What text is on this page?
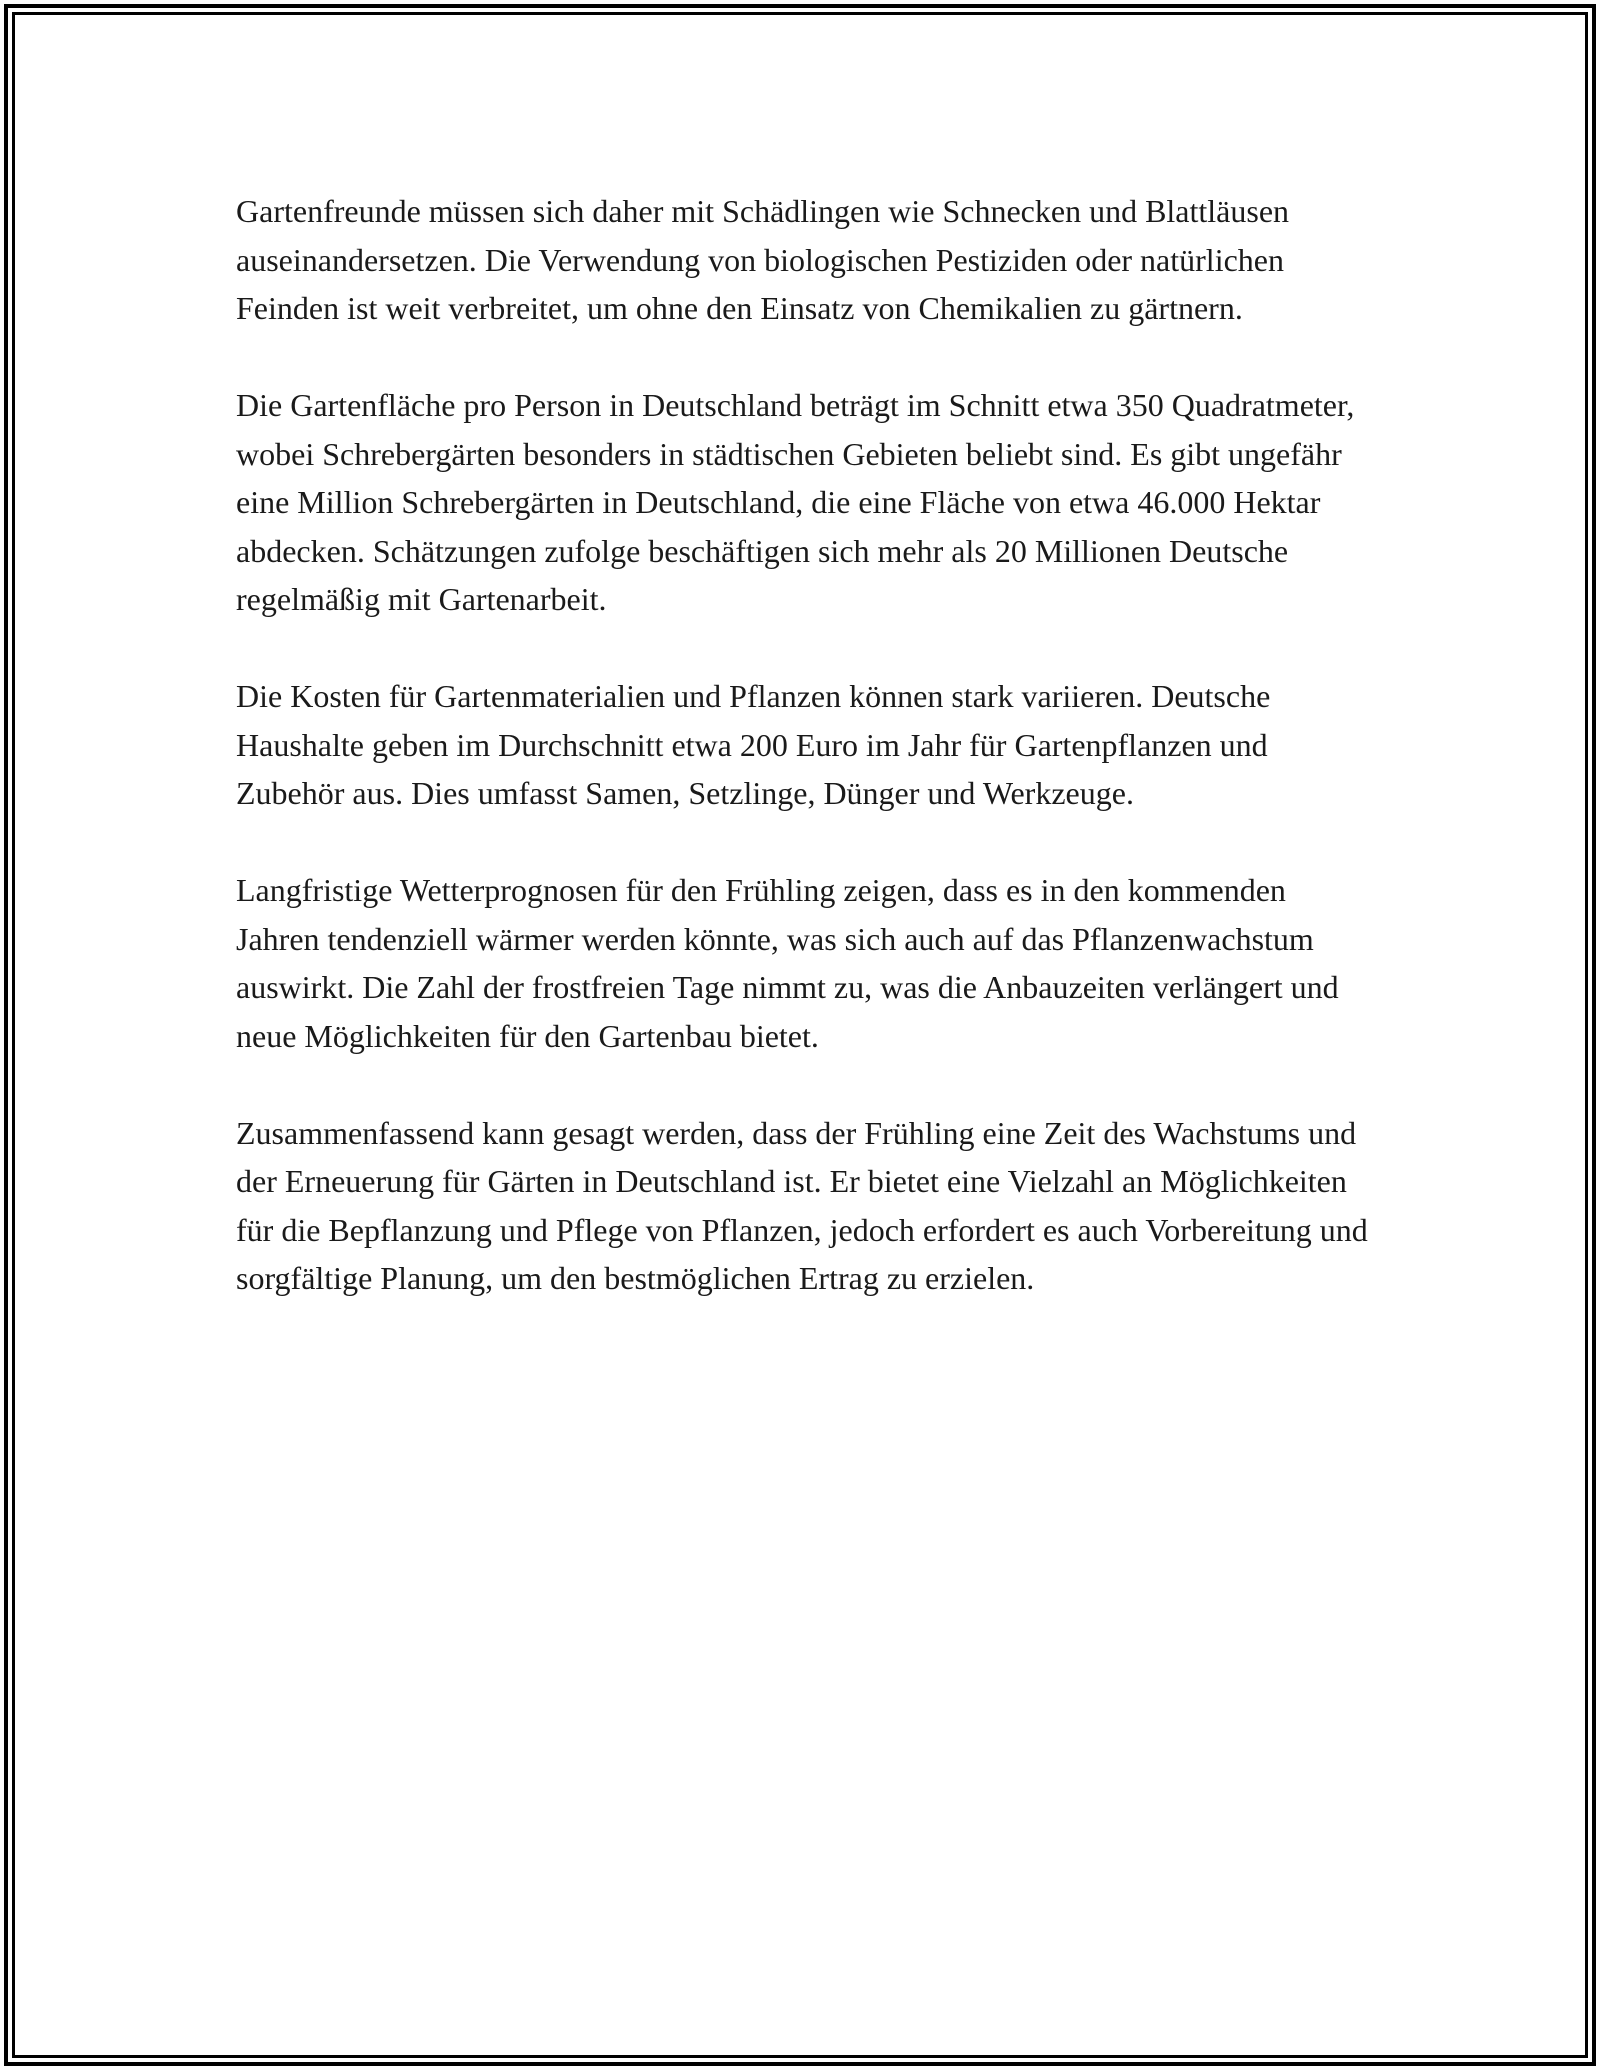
Gartenfreunde müssen sich daher mit Schädlingen wie Schnecken und Blattläusen auseinandersetzen. Die Verwendung von biologischen Pestiziden oder natürlichen Feinden ist weit verbreitet, um ohne den Einsatz von Chemikalien zu gärtnern.

Die Gartenfläche pro Person in Deutschland beträgt im Schnitt etwa 350 Quadratmeter, wobei Schrebergärten besonders in städtischen Gebieten beliebt sind. Es gibt ungefähr eine Million Schrebergärten in Deutschland, die eine Fläche von etwa 46.000 Hektar abdecken. Schätzungen zufolge beschäftigen sich mehr als 20 Millionen Deutsche regelmäßig mit Gartenarbeit.

Die Kosten für Gartenmaterialien und Pflanzen können stark variieren. Deutsche Haushalte geben im Durchschnitt etwa 200 Euro im Jahr für Gartenpflanzen und Zubehör aus. Dies umfasst Samen, Setzlinge, Dünger und Werkzeuge.

Langfristige Wetterprognosen für den Frühling zeigen, dass es in den kommenden Jahren tendenziell wärmer werden könnte, was sich auch auf das Pflanzenwachstum auswirkt. Die Zahl der frostfreien Tage nimmt zu, was die Anbauzeiten verlängert und neue Möglichkeiten für den Gartenbau bietet.

Zusammenfassend kann gesagt werden, dass der Frühling eine Zeit des Wachstums und der Erneuerung für Gärten in Deutschland ist. Er bietet eine Vielzahl an Möglichkeiten für die Bepflanzung und Pflege von Pflanzen, jedoch erfordert es auch Vorbereitung und sorgfältige Planung, um den bestmöglichen Ertrag zu erzielen.
